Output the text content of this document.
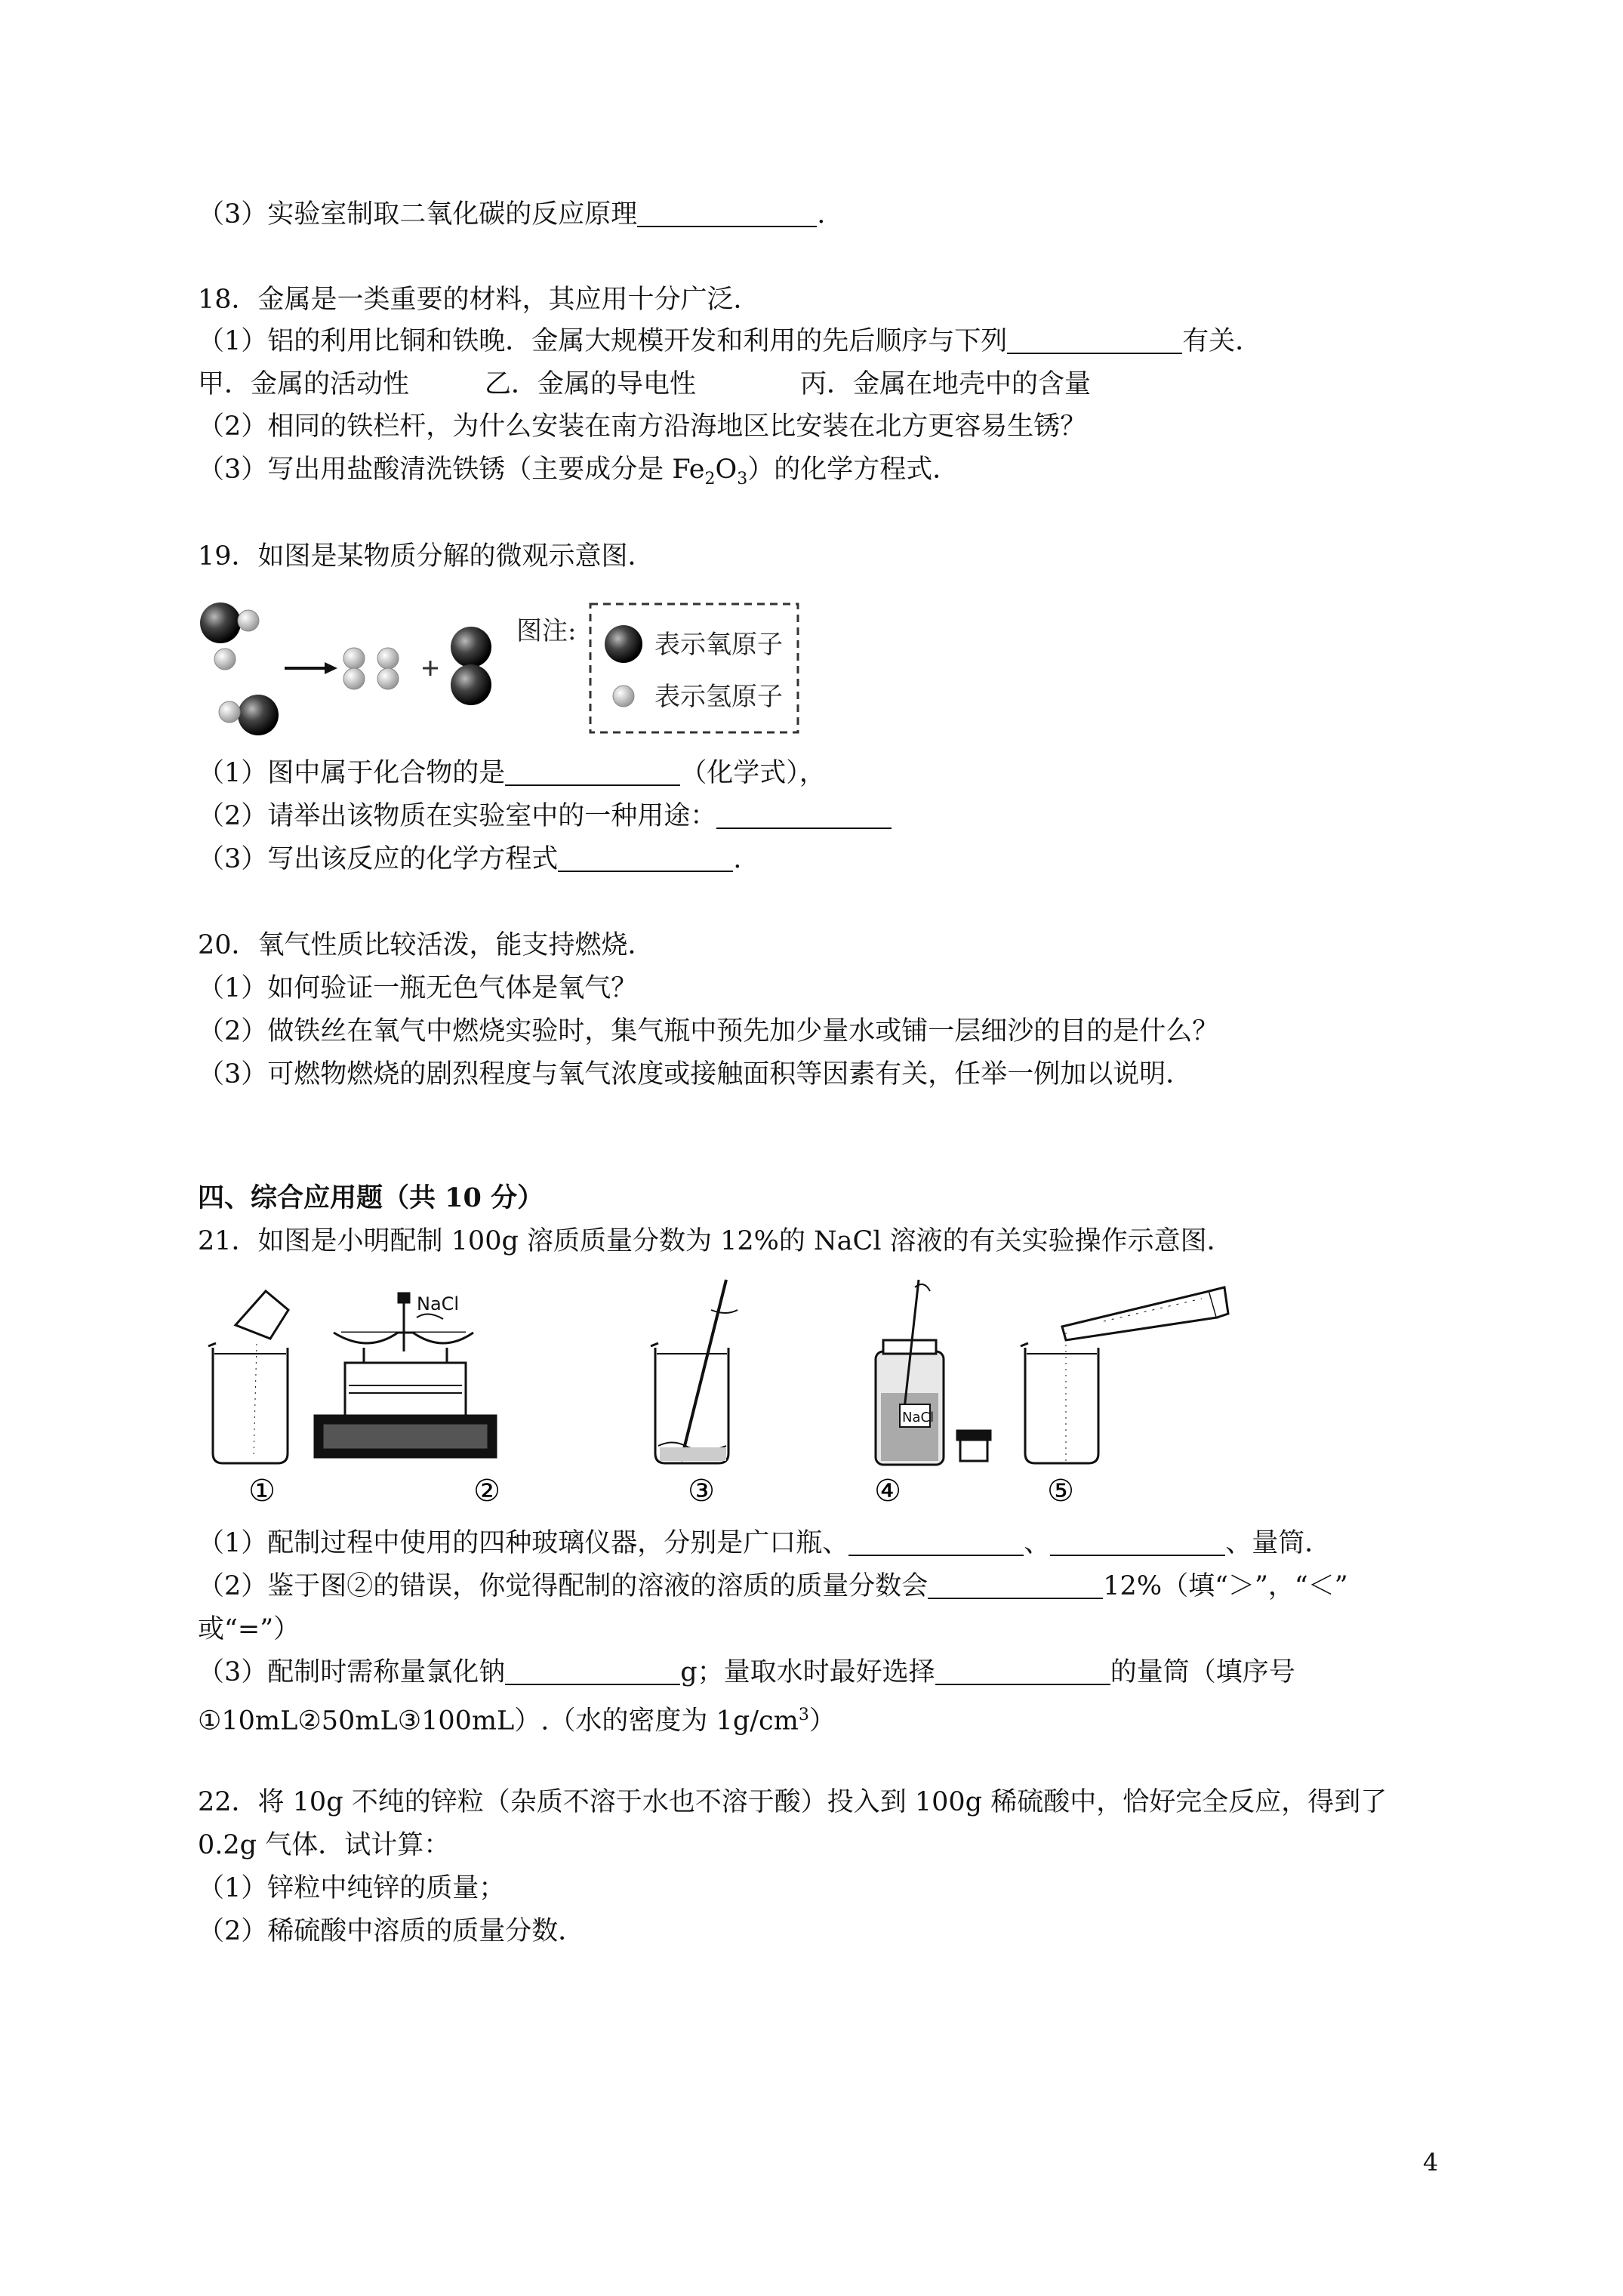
（3）实验室制取二氧化碳的反应原理	.
18．金属是一类重要的材料，其应用十分广泛．
（1）铝的利用比铜和铁晚．金属大规模开发和利用的先后顺序与下列	有关．
甲．金属的活动性	乙．金属的导电性	丙．金属在地壳中的含量
（2）相同的铁栏杆，为什么安装在南方沿海地区比安装在北方更容易生锈？
（3）写出用盐酸清洗铁锈（主要成分是 $Fe_2O_3$）的化学方程式．
19．如图是某物质分解的微观示意图．
图注:	表示氧原子
表示氢原子
（1）图中属于化合物的是	（化学式），
（2）请举出该物质在实验室中的一种用途：
（3）写出该反应的化学方程式	.
20．氧气性质比较活泼，能支持燃烧．
（1）如何验证一瓶无色气体是氧气？
（2）做铁丝在氧气中燃烧实验时，集气瓶中预先加少量水或铺一层细沙的目的是什么？
（3）可燃物燃烧的剧烈程度与氧气浓度或接触面积等因素有关，任举一例加以说明．
四、综合应用题（共 10 分）
21．如图是小明配制 100g 溶质质量分数为 12%的 NaCl 溶液的有关实验操作示意图．
NaCl
NaCl
①	②	③	④	⑤
（1）配制过程中使用的四种玻璃仪器，分别是广口瓶、	、	、量筒．
（2）鉴于图②的错误，你觉得配制的溶液的溶质的质量分数会	12%（填“＞”，“＜”
或“=”）
（3）配制时需称量氯化钠	g；量取水时最好选择	的量筒（填序号
①10mL②50mL③100mL）.（水的密度为 $1g/cm^3$）
22．将 10g 不纯的锌粒（杂质不溶于水也不溶于酸）投入到 100g 稀硫酸中，恰好完全反应，得到了
0.2g 气体．试计算：
（1）锌粒中纯锌的质量；
（2）稀硫酸中溶质的质量分数．
4
